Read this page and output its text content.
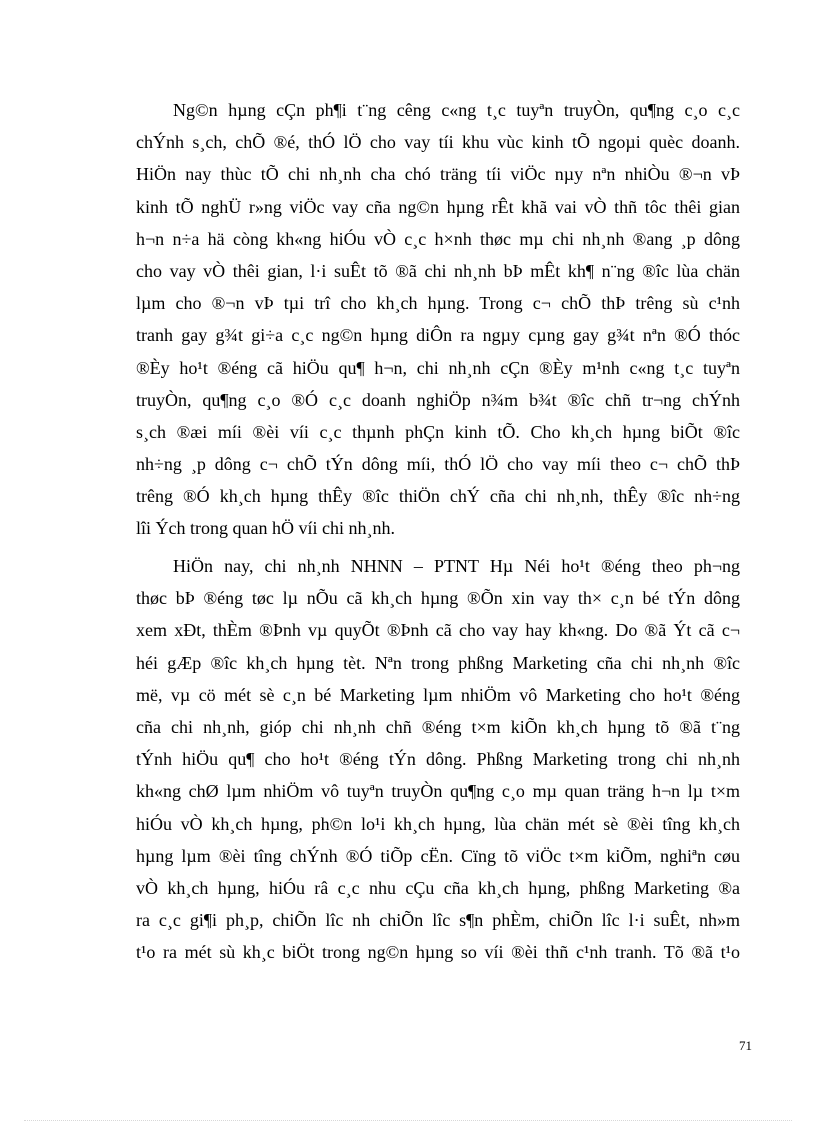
Ng©n hµng cÇn ph¶i t¨ng cêng c«ng t¸c tuyªn truyÒn, qu¶ng c¸o c¸c
chÝnh s¸ch, chÕ ®é, thÓ lÖ cho vay tíi khu vùc kinh tÕ ngoµi quèc doanh.
HiÖn nay thùc tÕ chi nh¸nh cha chó träng tíi viÖc nµy nªn nhiÒu ®¬n vÞ
kinh tÕ nghÜ r»ng viÖc vay cña ng©n hµng rÊt khã vai vÒ thñ tôc thêi gian
h¬n n÷a hä còng kh«ng hiÓu vÒ c¸c h×nh thøc mµ chi nh¸nh ®ang ¸p dông
cho vay vÒ thêi gian, l·i suÊt tõ ®ã chi nh¸nh bÞ mÊt kh¶ n¨ng ®îc lùa chän
lµm cho ®¬n vÞ tµi trî cho kh¸ch hµng. Trong c¬ chÕ thÞ trêng sù c¹nh
tranh gay g¾t gi÷a c¸c ng©n hµng diÔn ra ngµy cµng gay g¾t nªn ®Ó thóc
®Èy ho¹t ®éng cã hiÖu qu¶ h¬n, chi nh¸nh cÇn ®Èy m¹nh c«ng t¸c tuyªn
truyÒn, qu¶ng c¸o ®Ó c¸c doanh nghiÖp n¾m b¾t ®îc chñ tr¬ng chÝnh
s¸ch ®æi míi ®èi víi c¸c thµnh phÇn kinh tÕ. Cho kh¸ch hµng biÕt ®îc
nh÷ng ¸p dông c¬ chÕ tÝn dông míi, thÓ lÖ cho vay míi theo c¬ chÕ thÞ
trêng ®Ó kh¸ch hµng thÊy ®îc thiÖn chÝ cña chi nh¸nh, thÊy ®îc nh÷ng
lîi Ých trong quan hÖ víi chi nh¸nh.
HiÖn nay, chi nh¸nh NHNN – PTNT Hµ Néi ho¹t ®éng theo ph¬ng
thøc bÞ ®éng tøc lµ nÕu cã kh¸ch hµng ®Õn xin vay th× c¸n bé tÝn dông
xem xÐt, thÈm ®Þnh vµ quyÕt ®Þnh cã cho vay hay kh«ng. Do ®ã Ýt cã c¬
héi gÆp ®îc kh¸ch hµng tèt. Nªn trong phßng Marketing cña chi nh¸nh ®îc
më, vµ cö mét sè c¸n bé Marketing lµm nhiÖm vô Marketing cho ho¹t ®éng
cña chi nh¸nh, gióp chi nh¸nh chñ ®éng t×m kiÕn kh¸ch hµng tõ ®ã t¨ng
tÝnh hiÖu qu¶ cho ho¹t ®éng tÝn dông. Phßng Marketing trong chi nh¸nh
kh«ng chØ lµm nhiÖm vô tuyªn truyÒn qu¶ng c¸o mµ quan träng h¬n lµ t×m
hiÓu vÒ kh¸ch hµng, ph©n lo¹i kh¸ch hµng, lùa chän mét sè ®èi tîng kh¸ch
hµng lµm ®èi tîng chÝnh ®Ó tiÕp cËn. Cïng tõ viÖc t×m kiÕm, nghiªn cøu
vÒ kh¸ch hµng, hiÓu râ c¸c nhu cÇu cña kh¸ch hµng, phßng Marketing ®a
ra c¸c gi¶i ph¸p, chiÕn lîc nh chiÕn lîc s¶n phÈm, chiÕn lîc l·i suÊt, nh»m
t¹o ra mét sù kh¸c biÖt trong ng©n hµng so víi ®èi thñ c¹nh tranh. Tõ ®ã t¹o
71
